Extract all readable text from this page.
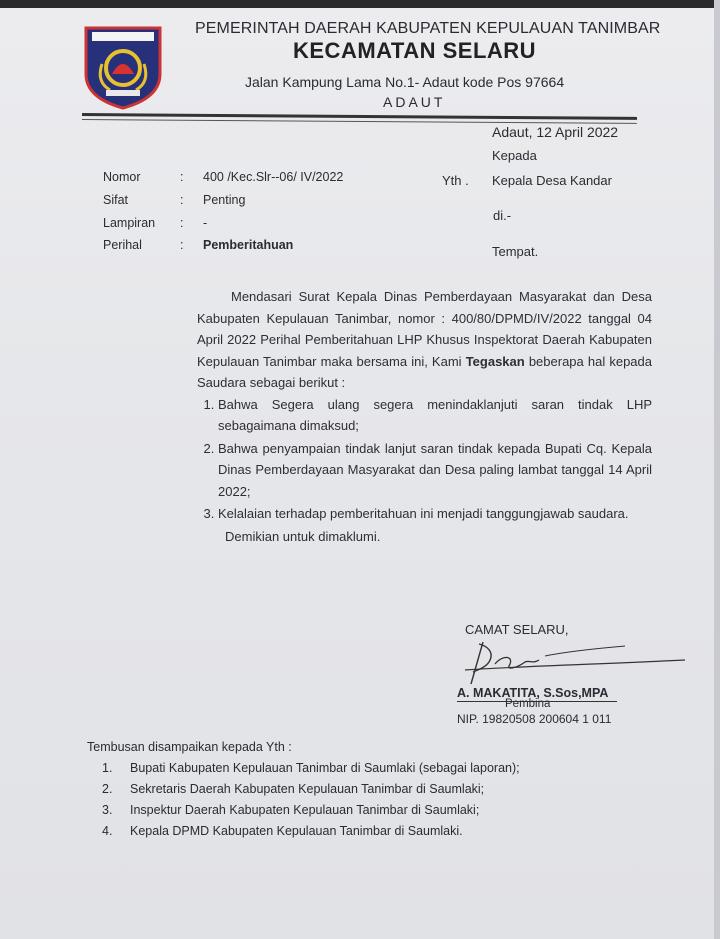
PEMERINTAH DAERAH KABUPATEN KEPULAUAN TANIMBAR
KECAMATAN SELARU
Jalan Kampung Lama No.1- Adaut kode Pos 97664
ADAUT
Adaut, 12 April 2022
Kepada
Yth . Kepala Desa Kandar
di.-
Tempat.
Nomor	: 400 /Kec.Slr--06/ IV/2022
Sifat	: Penting
Lampiran : -
Perihal	: Pemberitahuan

Mendasari Surat Kepala Dinas Pemberdayaan Masyarakat dan Desa Kabupaten Kepulauan Tanimbar, nomor : 400/80/DPMD/IV/2022 tanggal 04 April 2022 Perihal Pemberitahuan LHP Khusus Inspektorat Daerah Kabupaten Kepulauan Tanimbar maka bersama ini, Kami Tegaskan beberapa hal kepada Saudara sebagai berikut :

1. Bahwa Segera ulang segera menindaklanjuti saran tindak LHP sebagaimana dimaksud;
2. Bahwa penyampaian tindak lanjut saran tindak kepada Bupati Cq. Kepala Dinas Pemberdayaan Masyarakat dan Desa paling lambat tanggal 14 April 2022;
3. Kelalaian terhadap pemberitahuan ini menjadi tanggungjawab saudara.
Demikian untuk dimaklumi.
CAMAT SELARU,
A. MAKATITA, S.Sos,MPA
Pembina
NIP. 19820508 200604 1 011
Tembusan disampaikan kepada Yth :
1.	Bupati Kabupaten Kepulauan Tanimbar di Saumlaki (sebagai laporan);
2.	Sekretaris Daerah Kabupaten Kepulauan Tanimbar di Saumlaki;
3.	Inspektur Daerah Kabupaten Kepulauan Tanimbar di Saumlaki;
4.	Kepala DPMD Kabupaten Kepulauan Tanimbar di Saumlaki.
